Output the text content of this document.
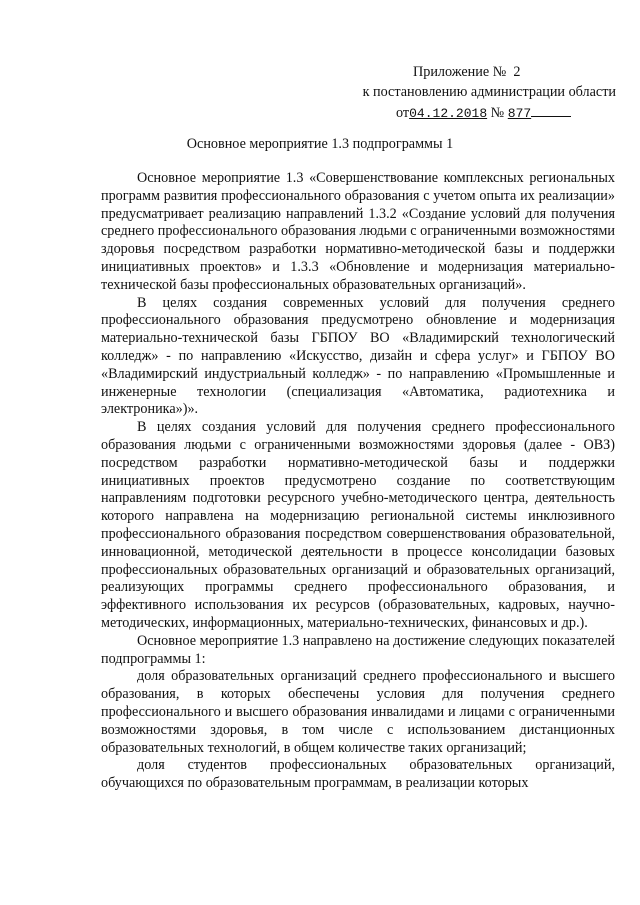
Приложение № 2
к постановлению администрации области
от04.12.2018 № 877
Основное мероприятие 1.3 подпрограммы 1

Основное мероприятие 1.3 «Совершенствование комплексных региональных программ развития профессионального образования с учетом опыта их реализации» предусматривает реализацию направлений 1.3.2 «Создание условий для получения среднего профессионального образования людьми с ограниченными возможностями здоровья посредством разработки нормативно-методической базы и поддержки инициативных проектов» и 1.3.3 «Обновление и модернизация материально-технической базы профессиональных образовательных организаций».

В целях создания современных условий для получения среднего профессионального образования предусмотрено обновление и модернизация материально-технической базы ГБПОУ ВО «Владимирский технологический колледж» - по направлению «Искусство, дизайн и сфера услуг» и ГБПОУ ВО «Владимирский индустриальный колледж» - по направлению «Промышленные и инженерные технологии (специализация «Автоматика, радиотехника и электроника»)».

В целях создания условий для получения среднего профессионального образования людьми с ограниченными возможностями здоровья (далее - ОВЗ) посредством разработки нормативно-методической базы и поддержки инициативных проектов предусмотрено создание по соответствующим направлениям подготовки ресурсного учебно-методического центра, деятельность которого направлена на модернизацию региональной системы инклюзивного профессионального образования посредством совершенствования образовательной, инновационной, методической деятельности в процессе консолидации базовых профессиональных образовательных организаций и образовательных организаций, реализующих программы среднего профессионального образования, и эффективного использования их ресурсов (образовательных, кадровых, научно-методических, информационных, материально-технических, финансовых и др.).

Основное мероприятие 1.3 направлено на достижение следующих показателей подпрограммы 1:

доля образовательных организаций среднего профессионального и высшего образования, в которых обеспечены условия для получения среднего профессионального и высшего образования инвалидами и лицами с ограниченными возможностями здоровья, в том числе с использованием дистанционных образовательных технологий, в общем количестве таких организаций;

доля студентов профессиональных образовательных организаций, обучающихся по образовательным программам, в реализации которых
